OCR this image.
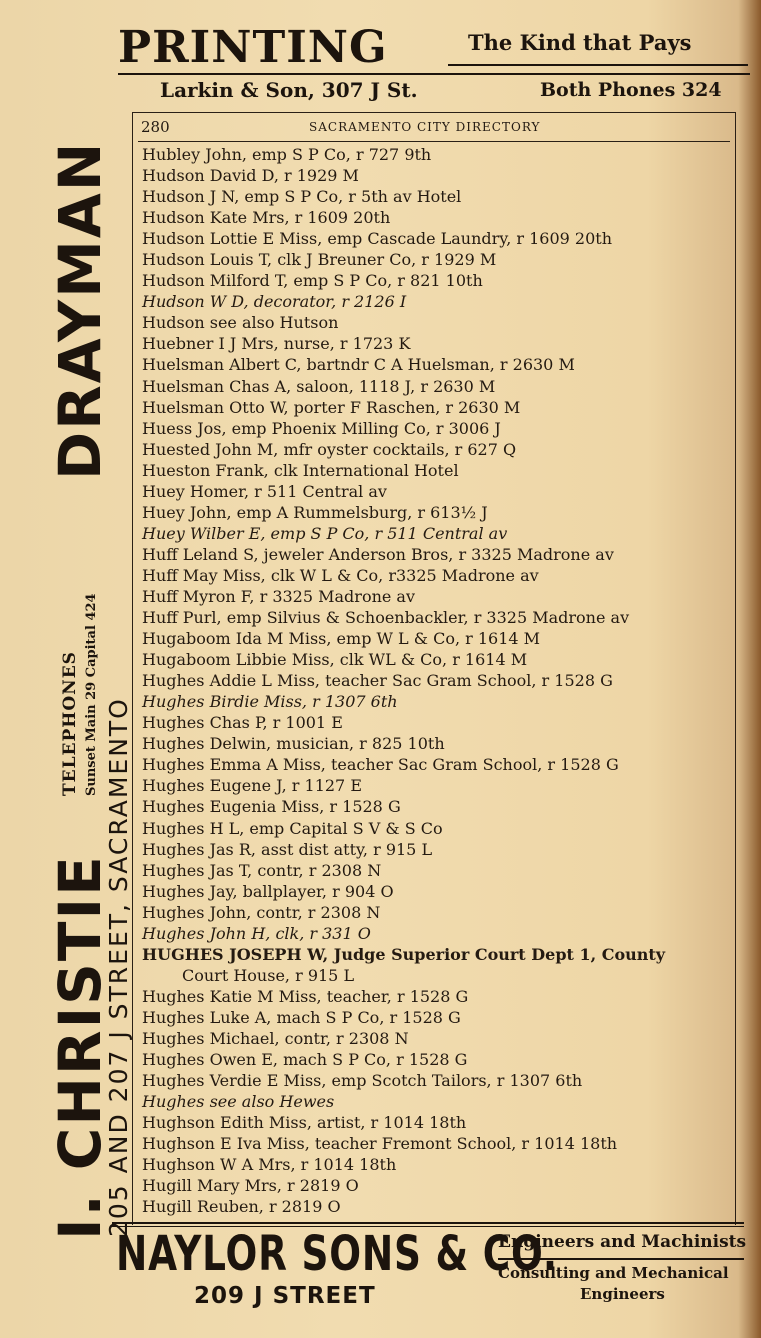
PRINTING	The Kind that Pays
Larkin & Son, 307 J St.	Both Phones 324
I. CHRISTIE
TELEPHONES Sunset Main 29 Capital 424
DRAYMAN
205 AND 207 J STREET, SACRAMENTO
280	SACRAMENTO CITY DIRECTORY
Hubley John, emp S P Co, r 727 9th
Hudson David D, r 1929 M
Hudson J N, emp S P Co, r 5th av Hotel
Hudson Kate Mrs, r 1609 20th
Hudson Lottie E Miss, emp Cascade Laundry, r 1609 20th
Hudson Louis T, clk J Breuner Co, r 1929 M
Hudson Milford T, emp S P Co, r 821 10th
Hudson W D, decorator, r 2126 I
Hudson see also Hutson
Huebner I J Mrs, nurse, r 1723 K
Huelsman Albert C, bartndr C A Huelsman, r 2630 M
Huelsman Chas A, saloon, 1118 J, r 2630 M
Huelsman Otto W, porter F Raschen, r 2630 M
Huess Jos, emp Phoenix Milling Co, r 3006 J
Huested John M, mfr oyster cocktails, r 627 Q
Hueston Frank, clk International Hotel
Huey Homer, r 511 Central av
Huey John, emp A Rummelsburg, r 613½ J
Huey Wilber E, emp S P Co, r 511 Central av
Huff Leland S, jeweler Anderson Bros, r 3325 Madrone av
Huff May Miss, clk W L & Co, r3325 Madrone av
Huff Myron F, r 3325 Madrone av
Huff Purl, emp Silvius & Schoenbackler, r 3325 Madrone av
Hugaboom Ida M Miss, emp W L & Co, r 1614 M
Hugaboom Libbie Miss, clk WL & Co, r 1614 M
Hughes Addie L Miss, teacher Sac Gram School, r 1528 G
Hughes Birdie Miss, r 1307 6th
Hughes Chas P, r 1001 E
Hughes Delwin, musician, r 825 10th
Hughes Emma A Miss, teacher Sac Gram School, r 1528 G
Hughes Eugene J, r 1127 E
Hughes Eugenia Miss, r 1528 G
Hughes H L, emp Capital S V & S Co
Hughes Jas R, asst dist atty, r 915 L
Hughes Jas T, contr, r 2308 N
Hughes Jay, ballplayer, r 904 O
Hughes John, contr, r 2308 N
Hughes John H, clk, r 331 O
HUGHES JOSEPH W, Judge Superior Court Dept 1, County
Court House, r 915 L
Hughes Katie M Miss, teacher, r 1528 G
Hughes Luke A, mach S P Co, r 1528 G
Hughes Michael, contr, r 2308 N
Hughes Owen E, mach S P Co, r 1528 G
Hughes Verdie E Miss, emp Scotch Tailors, r 1307 6th
Hughes see also Hewes
Hughson Edith Miss, artist, r 1014 18th
Hughson E Iva Miss, teacher Fremont School, r 1014 18th
Hughson W A Mrs, r 1014 18th
Hugill Mary Mrs, r 2819 O
Hugill Reuben, r 2819 O
NAYLOR SONS & CO.
209 J STREET
Engineers and Machinists
Consulting and Mechanical
Engineers
